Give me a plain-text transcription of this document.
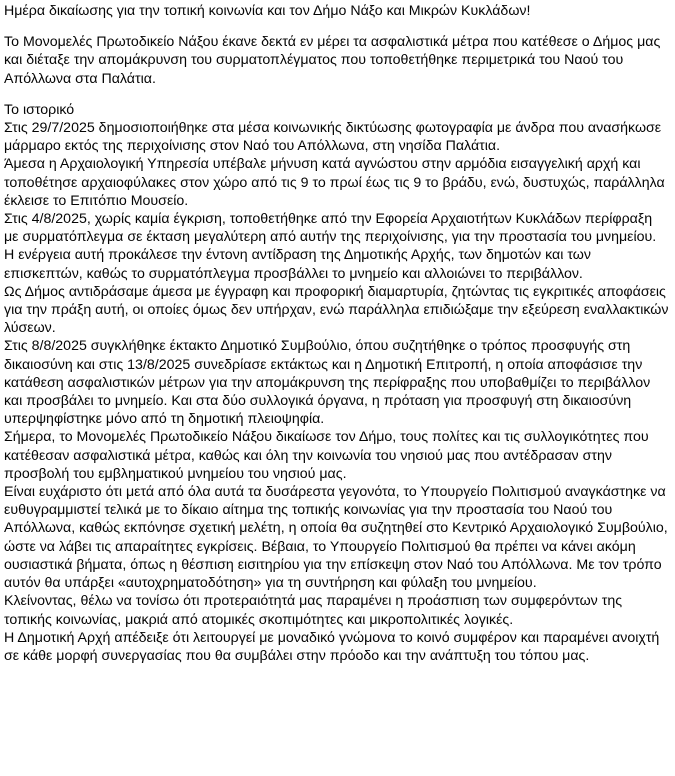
Ημέρα δικαίωσης για την τοπική κοινωνία και τον Δήμο Νάξο και Μικρών Κυκλάδων!

Το Μονομελές Πρωτοδικείο Νάξου έκανε δεκτά εν μέρει τα ασφαλιστικά μέτρα που κατέθεσε ο Δήμος μας και διέταξε την απομάκρυνση του συρματοπλέγματος που τοποθετήθηκε περιμετρικά του Ναού του Απόλλωνα στα Παλάτια.

Το ιστορικό

Στις 29/7/2025 δημοσιοποιήθηκε στα μέσα κοινωνικής δικτύωσης φωτογραφία με άνδρα που ανασήκωσε μάρμαρο εκτός της περιχοίνισης στον Ναό του Απόλλωνα, στη νησίδα Παλάτια.

Άμεσα η Αρχαιολογική Υπηρεσία υπέβαλε μήνυση κατά αγνώστου στην αρμόδια εισαγγελική αρχή και τοποθέτησε αρχαιοφύλακες στον χώρο από τις 9 το πρωί έως τις 9 το βράδυ, ενώ, δυστυχώς, παράλληλα έκλεισε το Επιτόπιο Μουσείο.

Στις 4/8/2025, χωρίς καμία έγκριση, τοποθετήθηκε από την Εφορεία Αρχαιοτήτων Κυκλάδων περίφραξη με συρματόπλεγμα σε έκταση μεγαλύτερη από αυτήν της περιχοίνισης, για την προστασία του μνημείου. Η ενέργεια αυτή προκάλεσε την έντονη αντίδραση της Δημοτικής Αρχής, των δημοτών και των επισκεπτών, καθώς το συρματόπλεγμα προσβάλλει το μνημείο και αλλοιώνει το περιβάλλον.

Ως Δήμος αντιδράσαμε άμεσα με έγγραφη και προφορική διαμαρτυρία, ζητώντας τις εγκριτικές αποφάσεις για την πράξη αυτή, οι οποίες όμως δεν υπήρχαν, ενώ παράλληλα επιδιώξαμε την εξεύρεση εναλλακτικών λύσεων.

Στις 8/8/2025 συγκλήθηκε έκτακτο Δημοτικό Συμβούλιο, όπου συζητήθηκε ο τρόπος προσφυγής στη δικαιοσύνη και στις 13/8/2025 συνεδρίασε εκτάκτως και η Δημοτική Επιτροπή, η οποία αποφάσισε την κατάθεση ασφαλιστικών μέτρων για την απομάκρυνση της περίφραξης που υποβαθμίζει το περιβάλλον και προσβάλει το μνημείο. Και στα δύο συλλογικά όργανα, η πρόταση για προσφυγή στη δικαιοσύνη υπερψηφίστηκε μόνο από τη δημοτική πλειοψηφία.

Σήμερα, το Μονομελές Πρωτοδικείο Νάξου δικαίωσε τον Δήμο, τους πολίτες και τις συλλογικότητες που κατέθεσαν ασφαλιστικά μέτρα, καθώς και όλη την κοινωνία του νησιού μας που αντέδρασαν στην προσβολή του εμβληματικού μνημείου του νησιού μας.

Είναι ευχάριστο ότι μετά από όλα αυτά τα δυσάρεστα γεγονότα, το Υπουργείο Πολιτισμού αναγκάστηκε να ευθυγραμμιστεί τελικά με το δίκαιο αίτημα της τοπικής κοινωνίας για την προστασία του Ναού του Απόλλωνα, καθώς εκπόνησε σχετική μελέτη, η οποία θα συζητηθεί στο Κεντρικό Αρχαιολογικό Συμβούλιο, ώστε να λάβει τις απαραίτητες εγκρίσεις. Βέβαια, το Υπουργείο Πολιτισμού θα πρέπει να κάνει ακόμη ουσιαστικά βήματα, όπως η θέσπιση εισιτηρίου για την επίσκεψη στον Ναό του Απόλλωνα. Με τον τρόπο αυτόν θα υπάρξει «αυτοχρηματοδότηση» για τη συντήρηση και φύλαξη του μνημείου.

Κλείνοντας, θέλω να τονίσω ότι προτεραιότητά μας παραμένει η προάσπιση των συμφερόντων της τοπικής κοινωνίας, μακριά από ατομικές σκοπιμότητες και μικροπολιτικές λογικές.

Η Δημοτική Αρχή απέδειξε ότι λειτουργεί με μοναδικό γνώμονα το κοινό συμφέρον και παραμένει ανοιχτή σε κάθε μορφή συνεργασίας που θα συμβάλει στην πρόοδο και την ανάπτυξη του τόπου μας.
